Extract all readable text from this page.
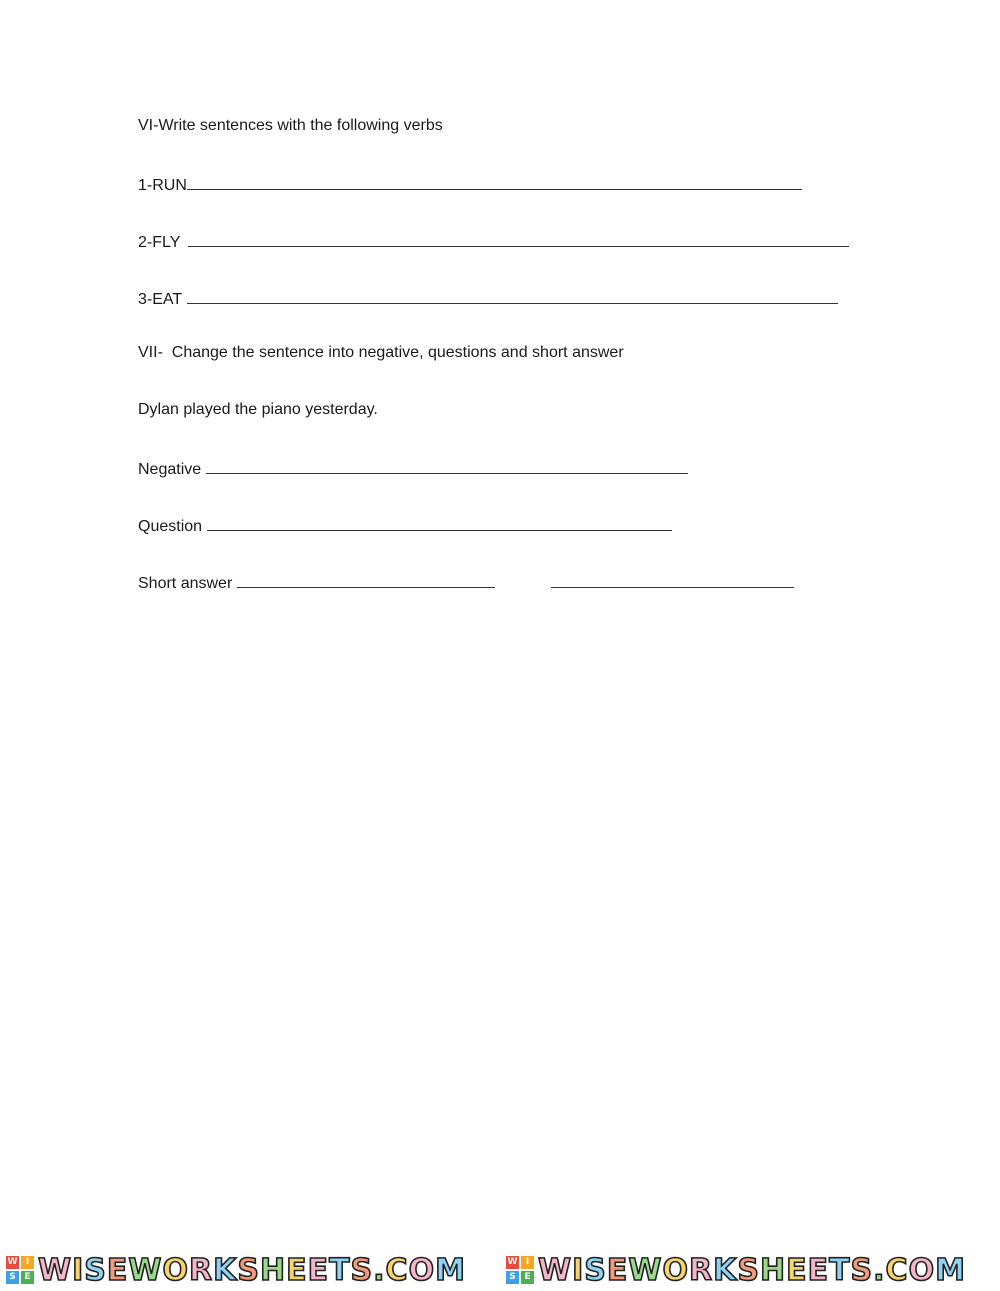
VI-Write sentences with the following verbs
1-RUN
2-FLY
3-EAT
VII-  Change the sentence into negative, questions and short answer
Dylan played the piano yesterday.
Negative
Question
Short answer
W I
S E WISEWORKSHEETS.COM	W I
S E WISEWORKSHEETS.COM
